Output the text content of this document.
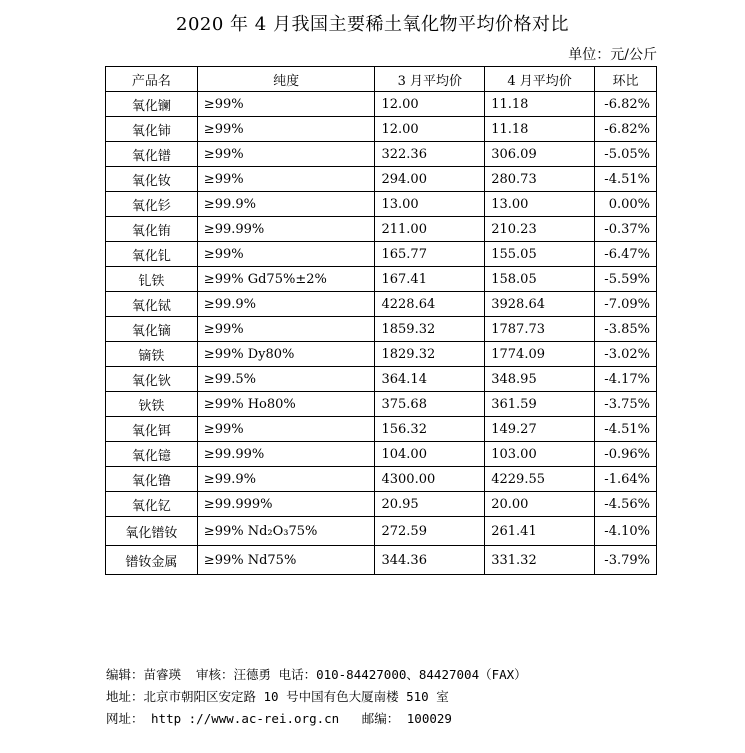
2020 年 4 月我国主要稀土氧化物平均价格对比
单位：元/公斤
产品名	纯度	3 月平均价	4 月平均价	环比
氧化镧	≥99%	12.00	11.18	-6.82%
氧化铈	≥99%	12.00	11.18	-6.82%
氧化镨	≥99%	322.36	306.09	-5.05%
氧化钕	≥99%	294.00	280.73	-4.51%
氧化钐	≥99.9%	13.00	13.00	0.00%
氧化铕	≥99.99%	211.00	210.23	-0.37%
氧化钆	≥99%	165.77	155.05	-6.47%
钆铁	≥99% Gd75%±2%	167.41	158.05	-5.59%
氧化铽	≥99.9%	4228.64	3928.64	-7.09%
氧化镝	≥99%	1859.32	1787.73	-3.85%
镝铁	≥99% Dy80%	1829.32	1774.09	-3.02%
氧化钬	≥99.5%	364.14	348.95	-4.17%
钬铁	≥99% Ho80%	375.68	361.59	-3.75%
氧化铒	≥99%	156.32	149.27	-4.51%
氧化镱	≥99.99%	104.00	103.00	-0.96%
氧化镥	≥99.9%	4300.00	4229.55	-1.64%
氧化钇	≥99.999%	20.95	20.00	-4.56%
氧化镨钕	≥99% Nd₂O₃75%	272.59	261.41	-4.10%
镨钕金属	≥99% Nd75%	344.36	331.32	-3.79%
编辑：苗睿瑛  审核：汪德勇 电话：010-84427000、84427004（FAX）
地址：北京市朝阳区安定路 10 号中国有色大厦南楼 510 室
网址： http ://www.ac-rei.org.cn   邮编： 100029
